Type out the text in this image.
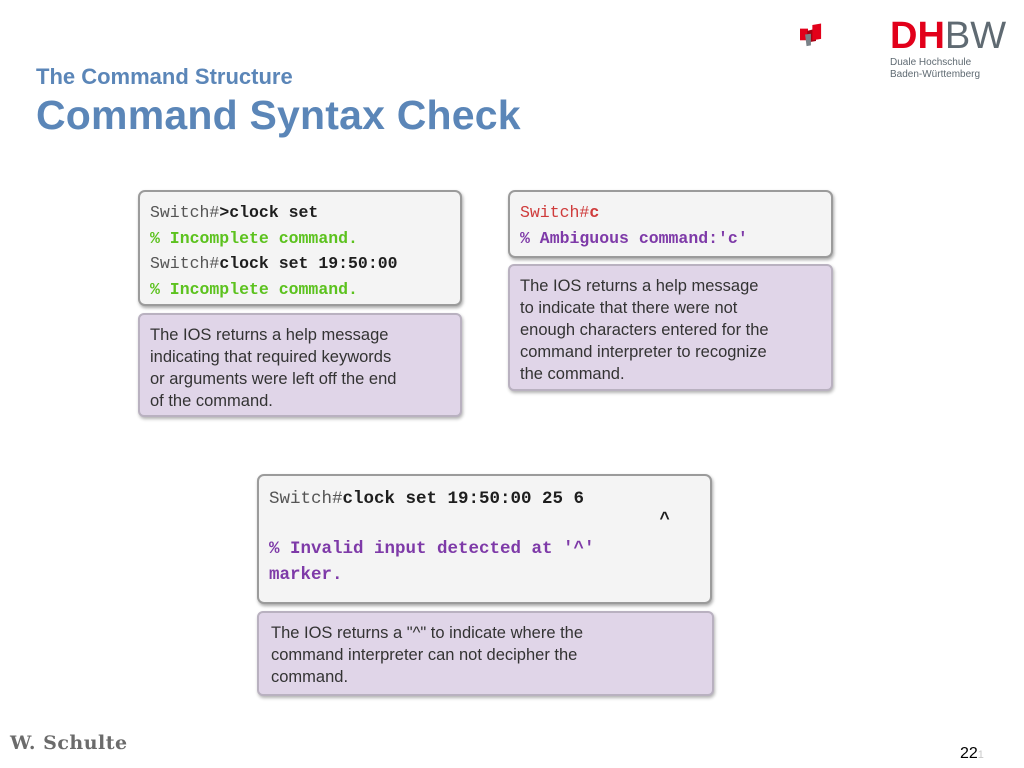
The Command Structure
Command Syntax Check
DHBW
Duale Hochschule
Baden-Württemberg
Switch#>clock set
% Incomplete command.
Switch#clock set 19:50:00
% Incomplete command.
The IOS returns a help message
indicating that required keywords
or arguments were left off the end
of the command.
Switch#c
% Ambiguous command:'c'
The IOS returns a help message
to indicate that there were not
enough characters entered for the
command interpreter to recognize
the command.
Switch#clock set 19:50:00 25 6
^
% Invalid input detected at '^'
marker.
The IOS returns a "^" to indicate where the
command interpreter can not decipher the
command.
W. Schulte	221
